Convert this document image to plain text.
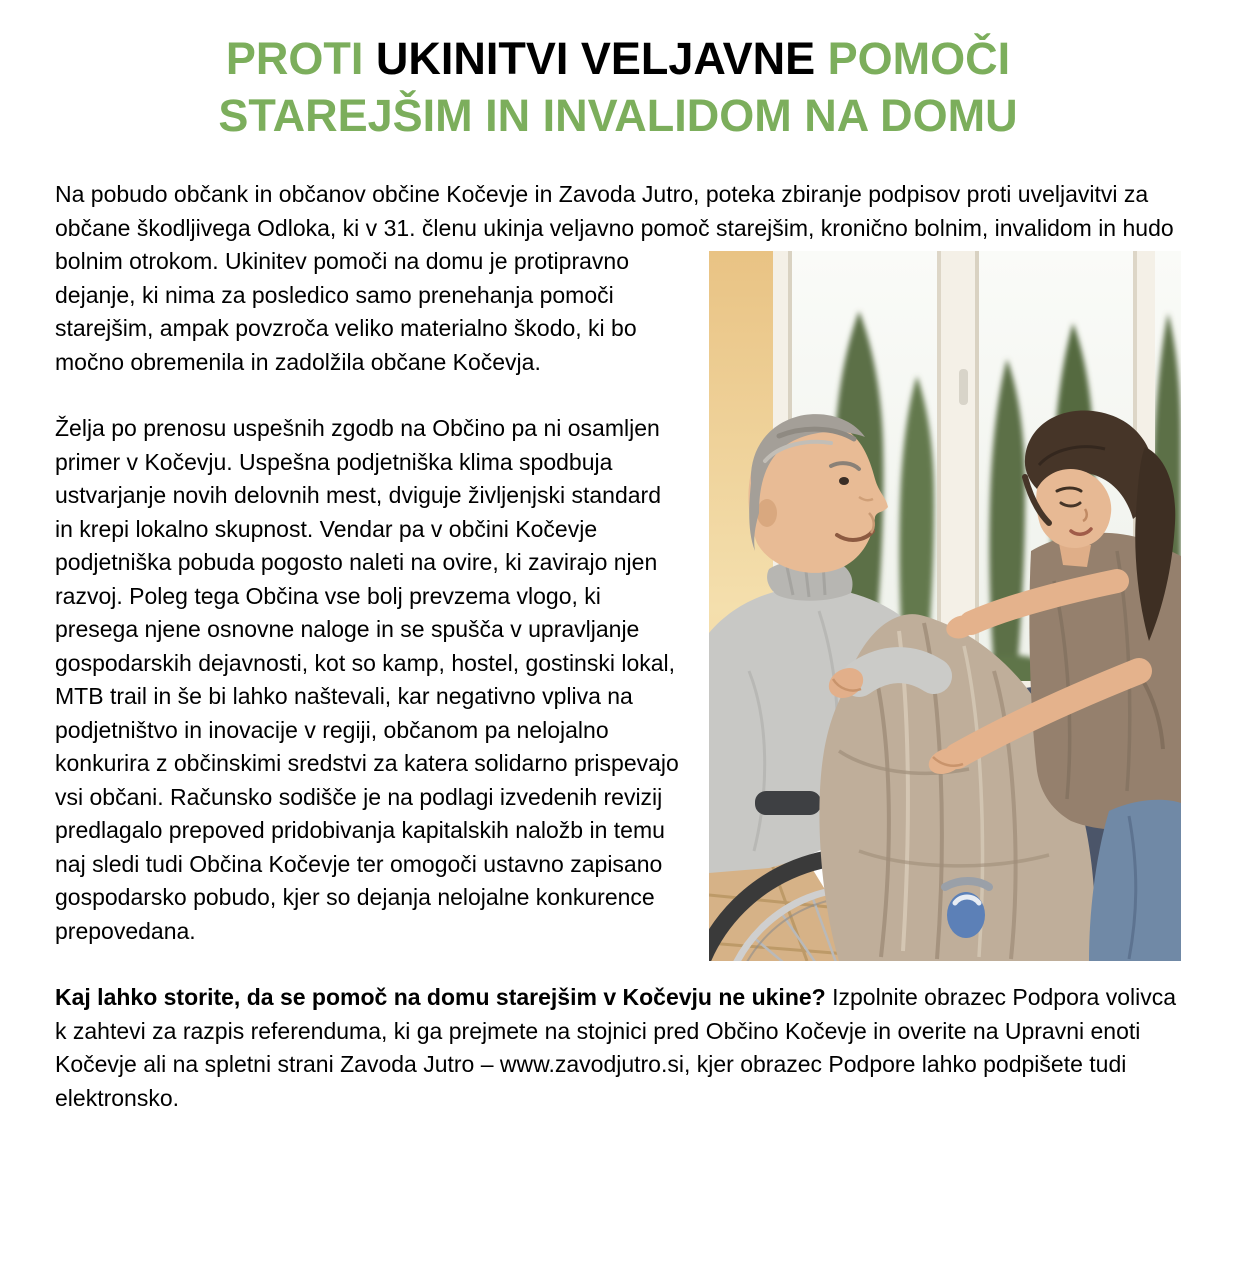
PROTI UKINITVI VELJAVNE POMOČI
STAREJŠIM IN INVALIDOM NA DOMU

Na pobudo občank in občanov občine Kočevje in Zavoda Jutro, poteka zbiranje podpisov proti uveljavitvi za občane škodljivega Odloka, ki v 31. členu ukinja veljavno pomoč starejšim,
kronično bolnim, invalidom in hudo bolnim otrokom. Ukinitev pomoči na domu je protipravno dejanje, ki nima za posledico samo prenehanja pomoči starejšim, ampak povzroča veliko materialno škodo, ki bo močno obremenila in zadolžila občane Kočevja.

Želja po prenosu uspešnih zgodb na Občino pa ni osamljen primer v Kočevju. Uspešna podjetniška klima spodbuja ustvarjanje novih delovnih mest, dviguje življenjski standard in krepi lokalno skupnost. Vendar pa v občini Kočevje podjetniška pobuda pogosto naleti na ovire, ki zavirajo njen razvoj. Poleg tega Občina vse bolj prevzema vlogo, ki presega njene osnovne naloge in se spušča v upravljanje gospodarskih dejavnosti, kot so kamp, hostel, gostinski lokal, MTB trail in še bi lahko naštevali, kar negativno vpliva na podjetništvo in inovacije v regiji, občanom pa nelojalno konkurira z občinskimi sredstvi za katera solidarno prispevajo vsi občani. Računsko sodišče je na podlagi izvedenih revizij predlagalo prepoved pridobivanja kapitalskih naložb in temu naj sledi tudi Občina Kočevje ter omogoči ustavno zapisano gospodarsko pobudo, kjer so dejanja nelojalne konkurence prepovedana.

Kaj lahko storite, da se pomoč na domu starejšim v Kočevju ne ukine? Izpolnite obrazec Podpora volivca k zahtevi za razpis referenduma, ki ga prejmete na stojnici pred Občino Kočevje in overite na Upravni enoti Kočevje ali na spletni strani Zavoda Jutro – www.zavodjutro.si, kjer obrazec Podpore lahko podpišete tudi elektronsko.
